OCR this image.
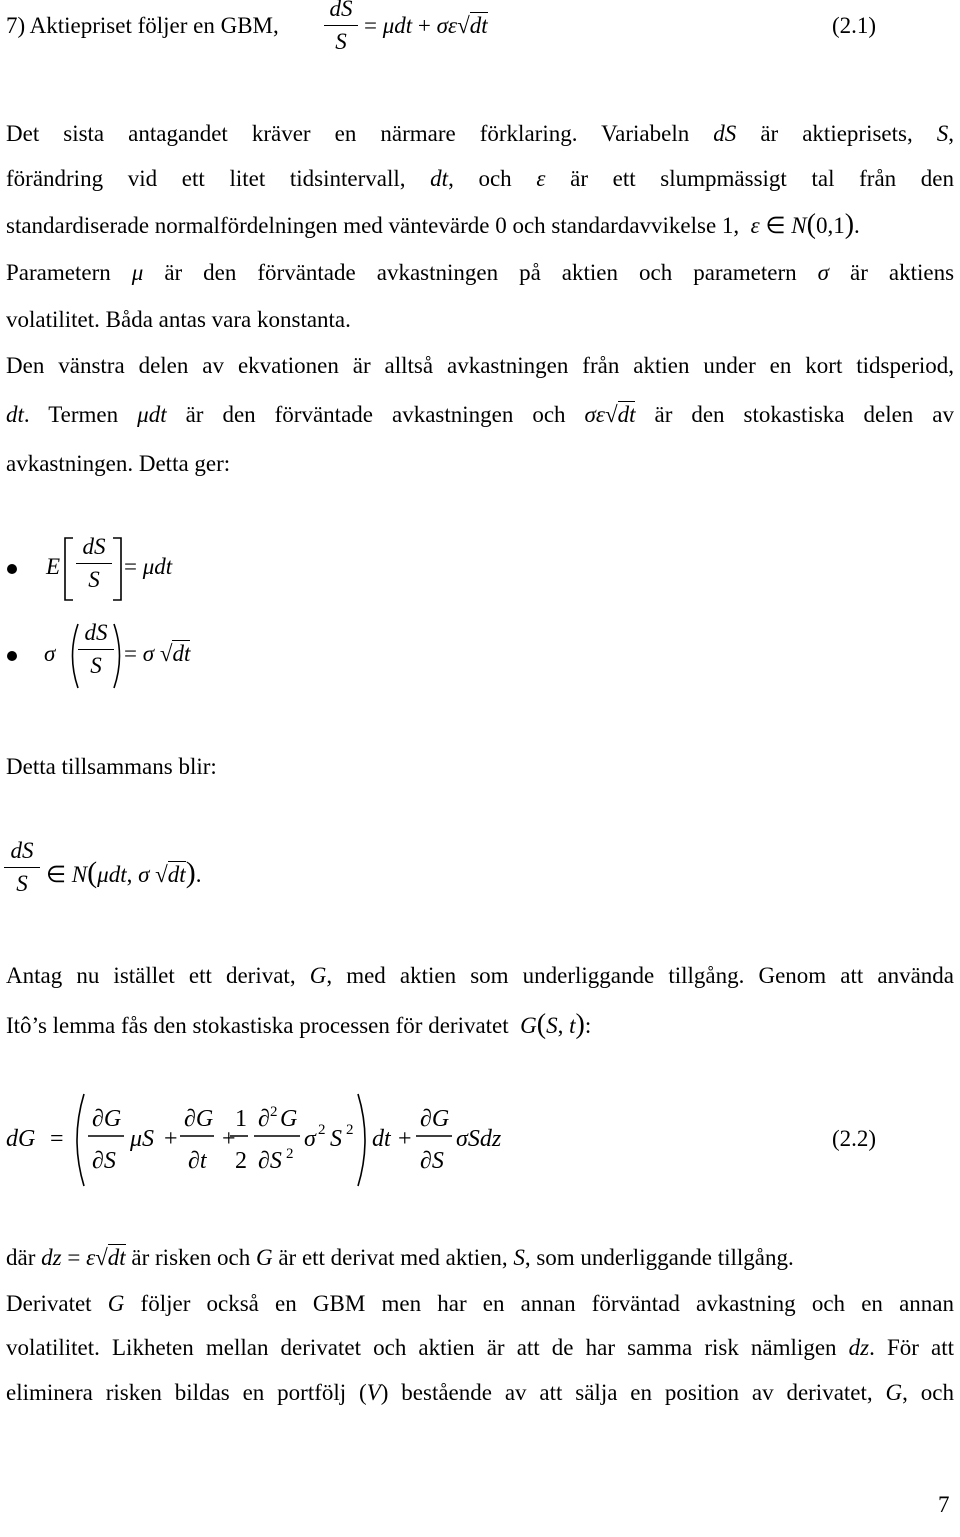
7) Aktiepriset följer en GBM,
dS
S
= μdt + σε√dt	(2.1)
Det sista antagandet kräver en närmare förklaring. Variabeln dS är aktieprisets, S,
förändring vid ett litet tidsintervall, dt, och ε är ett slumpmässigt tal från den
standardiserade normalfördelningen med väntevärde 0 och standardavvikelse 1, ε ∈ N(0,1).
Parametern μ är den förväntade avkastningen på aktien och parametern σ är aktiens
volatilitet. Båda antas vara konstanta.
Den vänstra delen av ekvationen är alltså avkastningen från aktien under en kort tidsperiod,
dt. Termen μdt är den förväntade avkastningen och σε√dt är den stokastiska delen av
avkastningen. Detta ger:
E
dS
S
= μdt
σ
dS
S = σ √dt
Detta tillsammans blir:
dS
S ∈ N(μdt, σ √dt).
Antag nu istället ett derivat, G, med aktien som underliggande tillgång. Genom att använda
Itô’s lemma fås den stokastiska processen för derivatet G(S, t):
dG =
∂G
∂S
μS +
∂G
∂t
+
1
2
∂ 2 G
∂S 2
σ 2 S 2 dt +
∂G
∂S
σSdz	(2.2)
där dz = ε√dt är risken och G är ett derivat med aktien, S, som underliggande tillgång.
Derivatet G följer också en GBM men har en annan förväntad avkastning och en annan
volatilitet. Likheten mellan derivatet och aktien är att de har samma risk nämligen dz. För att
eliminera risken bildas en portfölj (V) bestående av att sälja en position av derivatet, G, och
7
